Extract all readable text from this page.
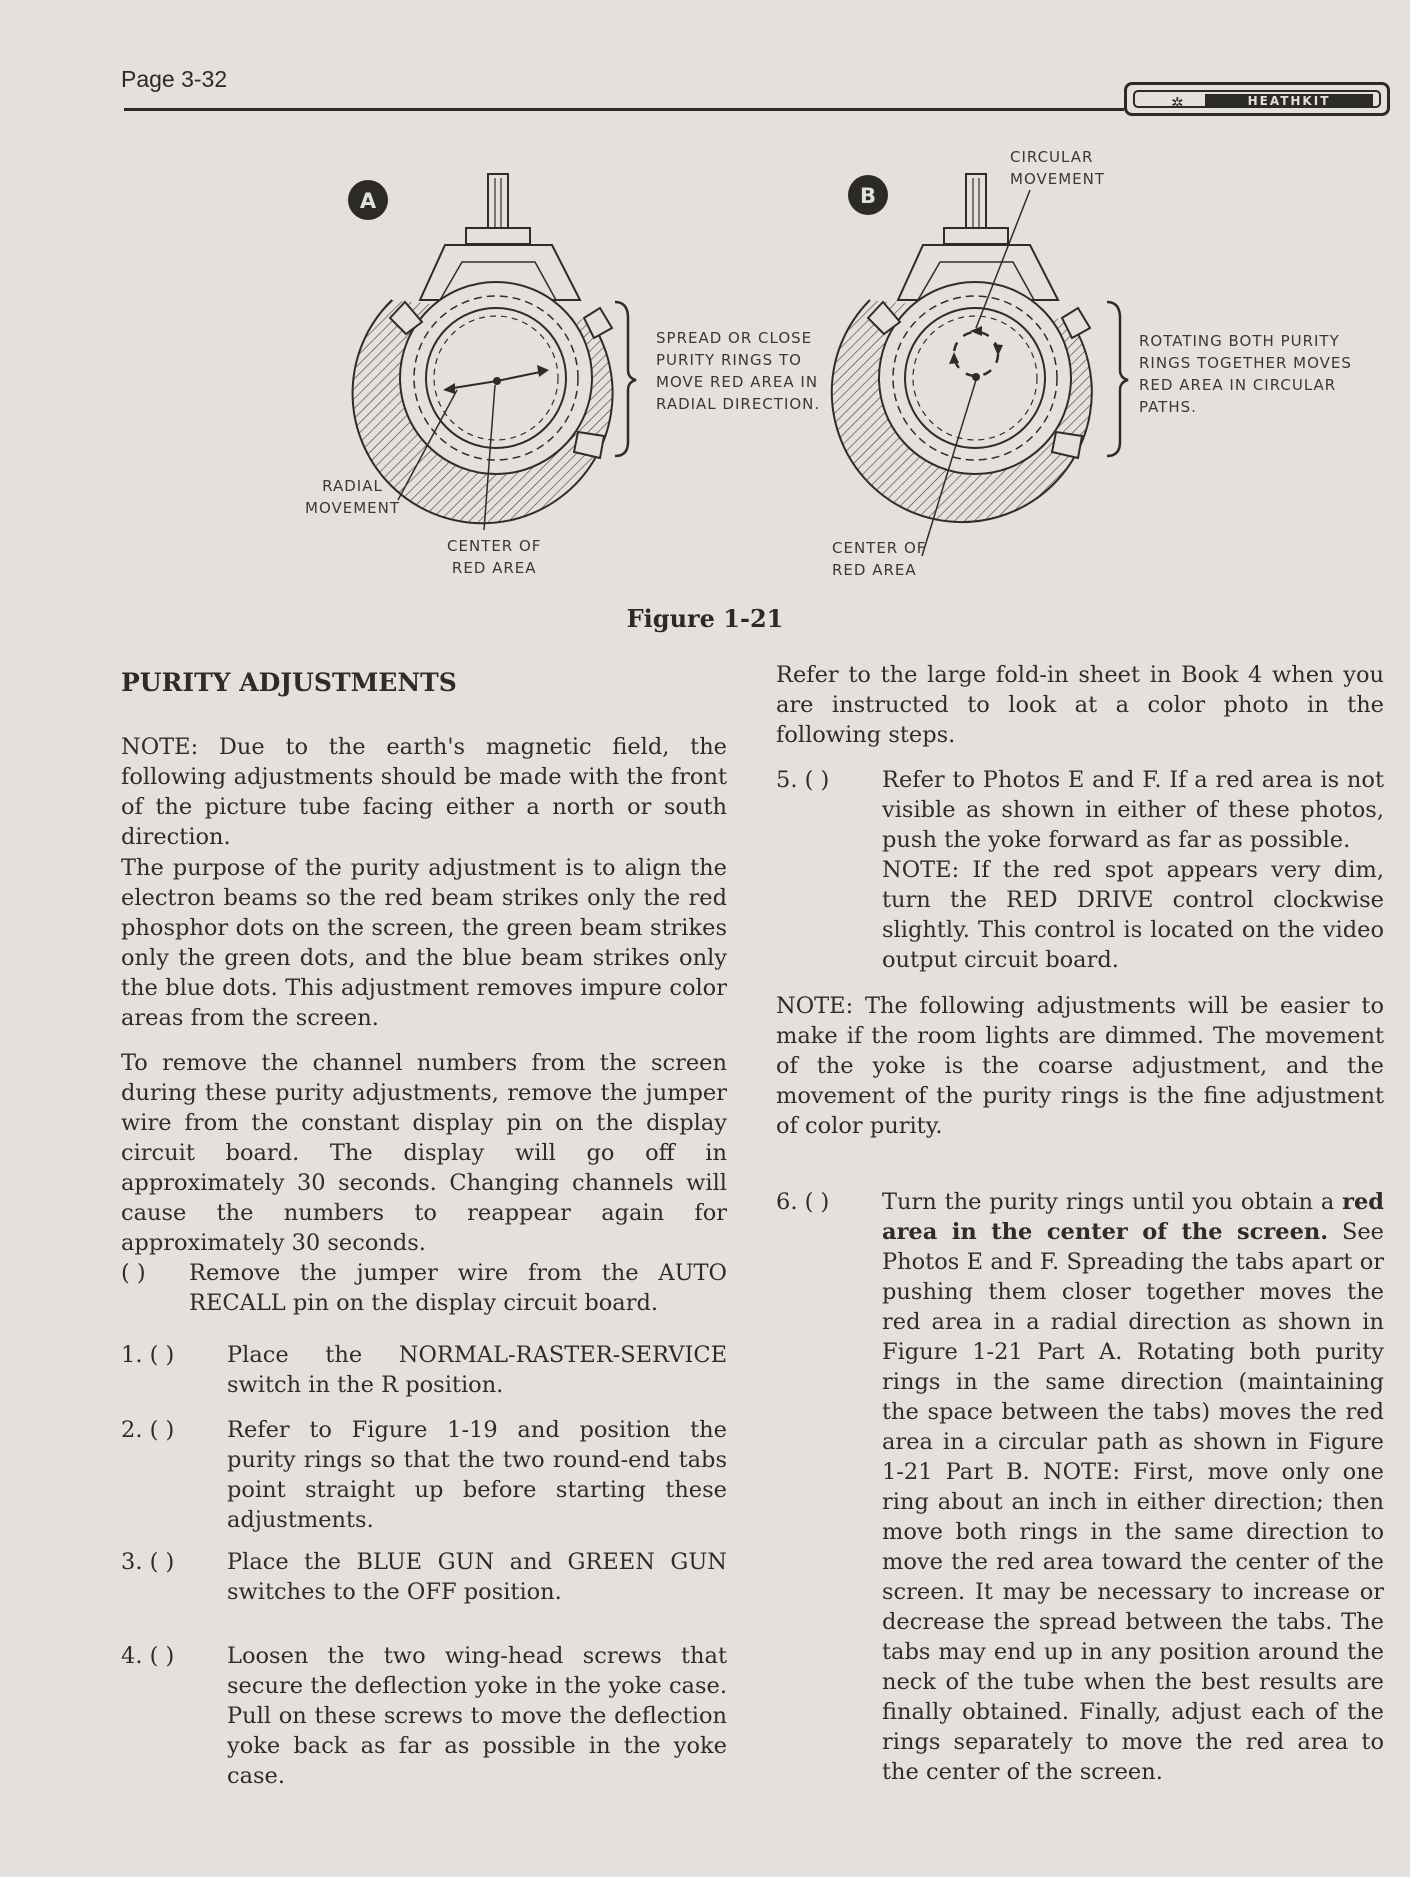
Page 3-32
✲	HEATHKIT
A	B
SPREAD OR CLOSE
PURITY RINGS TO
MOVE RED AREA IN
RADIAL DIRECTION.
RADIAL
MOVEMENT
CENTER OF
RED AREA
CIRCULAR
MOVEMENT
ROTATING BOTH PURITY
RINGS TOGETHER MOVES
RED AREA IN CIRCULAR
PATHS.
CENTER OF
RED AREA
Figure 1-21
PURITY ADJUSTMENTS

NOTE: Due to the earth's magnetic field, the following adjustments should be made with the front of the picture tube facing either a north or south direction.

The purpose of the purity adjustment is to align the electron beams so the red beam strikes only the red phosphor dots on the screen, the green beam strikes only the green dots, and the blue beam strikes only the blue dots. This adjustment removes impure color areas from the screen.

To remove the channel numbers from the screen during these purity adjustments, remove the jumper wire from the constant display pin on the display circuit board. The display will go off in approximately 30 seconds. Changing channels will cause the numbers to reappear again for approximately 30 seconds.

( ) Remove the jumper wire from the AUTO RECALL pin on the display circuit board.
1. ( ) Place the NORMAL-RASTER-SERVICE switch in the R position.
2. ( ) Refer to Figure 1-19 and position the purity rings so that the two round-end tabs point straight up before starting these adjustments.
3. ( ) Place the BLUE GUN and GREEN GUN switches to the OFF position.
4. ( ) Loosen the two wing-head screws that secure the deflection yoke in the yoke case. Pull on these screws to move the deflection yoke back as far as possible in the yoke case.

Refer to the large fold-in sheet in Book 4 when you are instructed to look at a color photo in the following steps.

5. ( ) Refer to Photos E and F. If a red area is not visible as shown in either of these photos, push the yoke forward as far as possible.

NOTE: If the red spot appears very dim, turn the RED DRIVE control clockwise slightly. This control is located on the video output circuit board.

NOTE: The following adjustments will be easier to make if the room lights are dimmed. The movement of the yoke is the coarse adjustment, and the movement of the purity rings is the fine adjustment of color purity.

6. ( ) Turn the purity rings until you obtain a red area in the center of the screen. See Photos E and F. Spreading the tabs apart or pushing them closer together moves the red area in a radial direction as shown in Figure 1-21 Part A. Rotating both purity rings in the same direction (maintaining the space between the tabs) moves the red area in a circular path as shown in Figure 1-21 Part B. NOTE: First, move only one ring about an inch in either direction; then move both rings in the same direction to move the red area toward the center of the screen. It may be necessary to increase or decrease the spread between the tabs. The tabs may end up in any position around the neck of the tube when the best results are finally obtained. Finally, adjust each of the rings separately to move the red area to the center of the screen.
